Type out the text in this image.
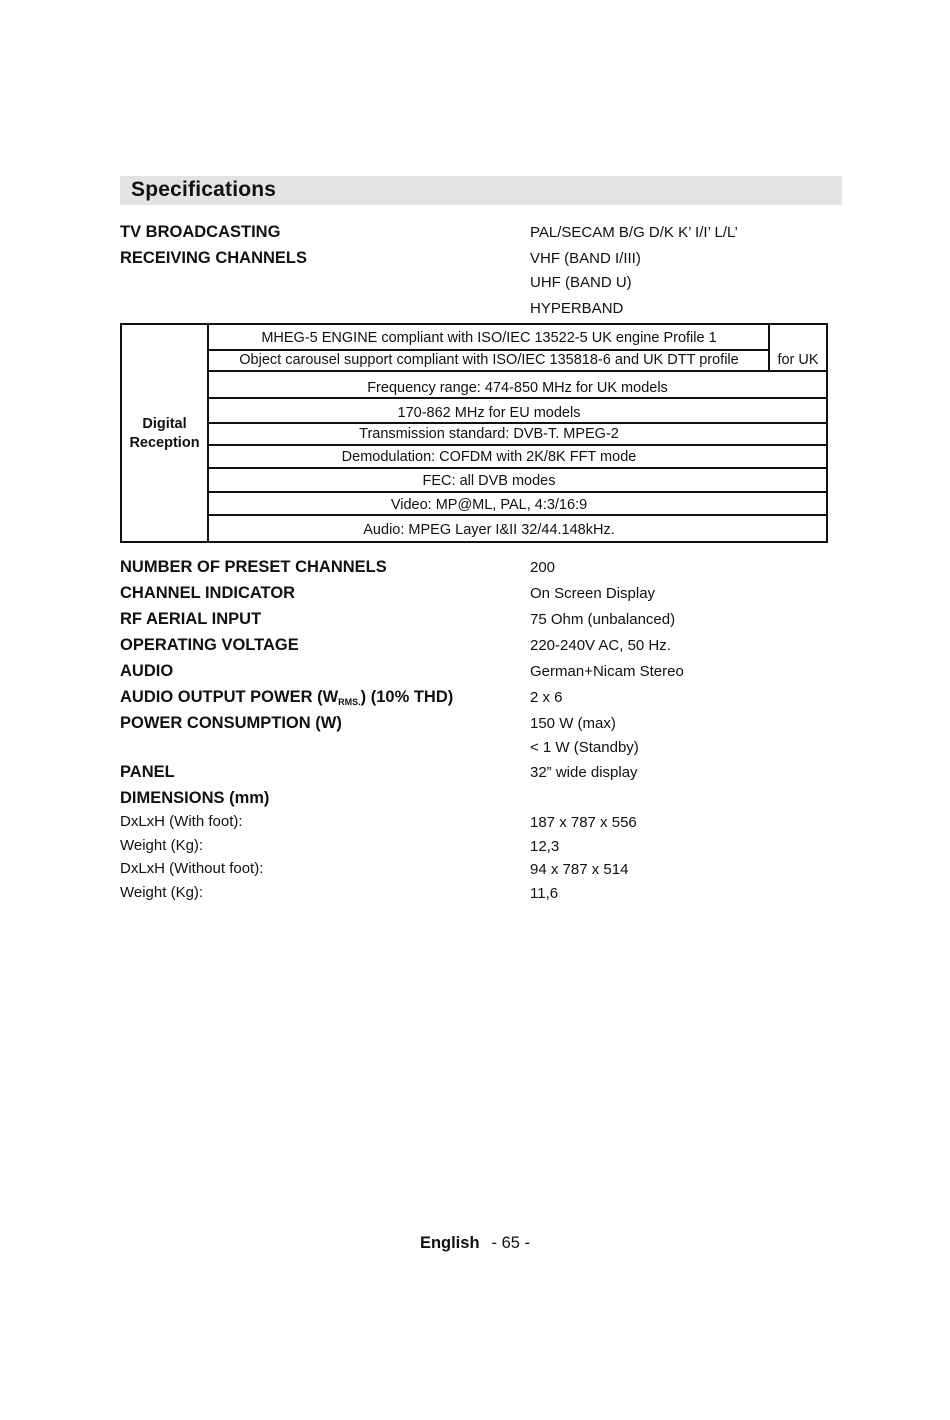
Specifications
TV BROADCASTING	PAL/SECAM B/G D/K K’ I/I’ L/L’
RECEIVING CHANNELS	VHF (BAND I/III)
UHF (BAND U)
HYPERBAND
Digital
Reception
MHEG-5 ENGINE compliant with ISO/IEC 13522-5 UK engine Profile 1
Object carousel support compliant with ISO/IEC 135818-6 and UK DTT profile	for UK
Frequency range: 474-850 MHz for UK models
170-862 MHz for EU models
Transmission standard: DVB-T. MPEG-2
Demodulation: COFDM with 2K/8K FFT mode
FEC: all DVB modes
Video: MP@ML, PAL, 4:3/16:9
Audio: MPEG Layer I&II 32/44.148kHz.
NUMBER OF PRESET CHANNELS	200
CHANNEL INDICATOR	On Screen Display
RF AERIAL INPUT	75 Ohm (unbalanced)
OPERATING VOLTAGE	220-240V AC, 50 Hz.
AUDIO	German+Nicam Stereo
AUDIO OUTPUT POWER $(W_{RMS.})$ (10% THD)	2 x 6
POWER CONSUMPTION (W)	150 W (max)
< 1 W (Standby)
PANEL	32” wide display
DIMENSIONS (mm)
DxLxH (With foot):	187 x 787 x 556
Weight (Kg):	12,3
DxLxH (Without foot):	94 x 787 x 514
Weight (Kg):	11,6
English - 65 -
